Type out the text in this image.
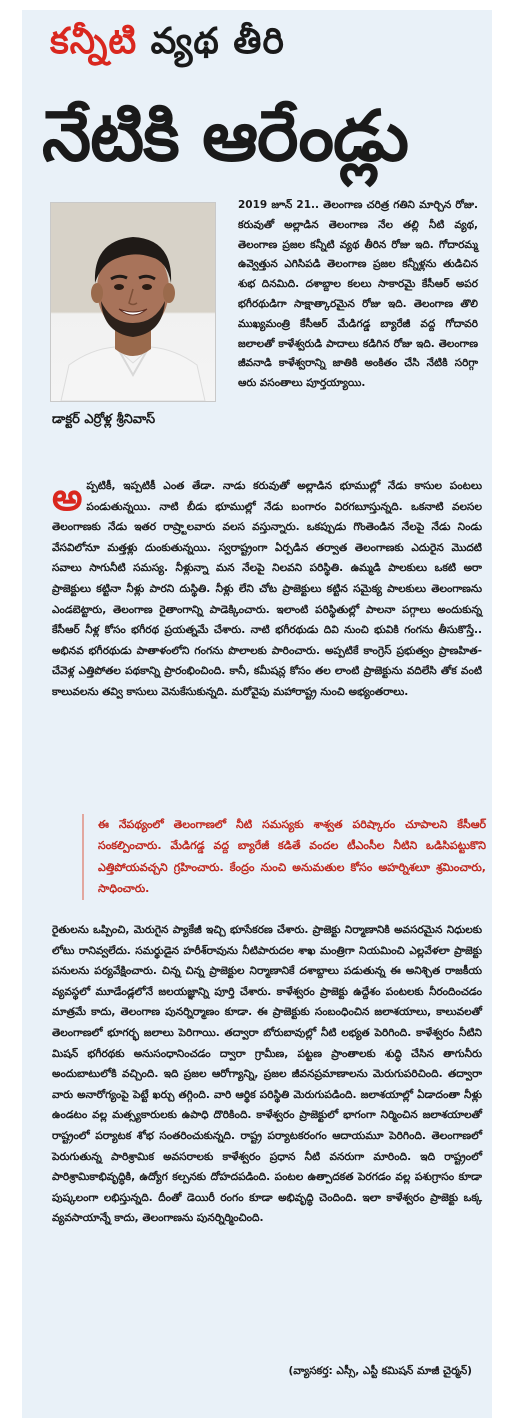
కన్నీటి వ్యథ తీరి
నేటికి ఆరేండ్లు
డాక్టర్ ఎర్రోళ్ల శ్రీనివాస్

2019 జూన్ 21.. తెలంగాణ చరిత్ర గతిని మార్చిన రోజు. కరువుతో అల్లాడిన తెలంగాణ నేల తల్లి నీటి వ్యథ, తెలంగాణ ప్రజల కన్నీటి వ్యథ తీరిన రోజు ఇది. గోదారమ్మ ఉవ్వెత్తున ఎగిసిపడి తెలంగాణ ప్రజల కన్నీళ్లను తుడిచిన శుభ దినమిది. దశాబ్దాల కలలు సాకారమై కేసీఆర్ అపర భగీరథుడిగా సాక్షాత్కారమైన రోజు ఇది. తెలంగాణ తొలి ముఖ్యమంత్రి కేసీఆర్ మేడిగడ్డ బ్యారేజీ వద్ద గోదావరి జలాలతో కాళేశ్వరుడి పాదాలు కడిగిన రోజు ఇది. తెలంగాణ జీవనాడి కాళేశ్వరాన్ని జాతికి అంకితం చేసి నేటికి సరిగ్గా ఆరు వసంతాలు పూర్తయ్యాయి.

అ ప్పటికీ, ఇప్పటికీ ఎంత తేడా. నాడు కరువుతో అల్లాడిన భూముల్లో నేడు కాసుల పంటలు పండుతున్నయి. నాటి బీడు భూముల్లో నేడు బంగారం విరగబూస్తున్నది. ఒకనాటి వలసల తెలంగాణకు నేడు ఇతర రాష్ర్టాలవారు వలస వస్తున్నారు. ఒకప్పుడు గొంతెండిన నేలపై నేడు నిండు వేసవిలోనూ మత్తళ్లు దుంకుతున్నయి. స్వరాష్ట్రంగా ఏర్పడిన తర్వాత తెలంగాణకు ఎదురైన మొదటి సవాలు సాగునీటి సమస్య. నీళ్లున్నా మన నేలపై నిలవని పరిస్థితి. ఉమ్మడి పాలకులు ఒకటి అరా ప్రాజెక్టులు కట్టినా నీళ్లు పారని దుస్థితి. నీళ్లు లేని చోట ప్రాజెక్టులు కట్టిన సమైక్య పాలకులు తెలంగాణను ఎండబెట్టారు, తెలంగాణ రైతాంగాన్ని పాడెక్కించారు. ఇలాంటి పరిస్థితుల్లో పాలనా పగ్గాలు అందుకున్న కేసీఆర్ నీళ్ల కోసం భగీరథ ప్రయత్నమే చేశారు. నాటి భగీరథుడు దివి నుంచి భువికి గంగను తీసుకొస్తే.. అభినవ భగీరథుడు పాతాళంలోని గంగను పొలాలకు పారించారు. అప్పటికే కాంగ్రెస్ ప్రభుత్వం ప్రాణహిత-చేవెళ్ల ఎత్తిపోతల పథకాన్ని ప్రారంభించింది. కానీ, కమీషన్ల కోసం తల లాంటి ప్రాజెక్టును వదిలేసి తోక వంటి కాలువలను తవ్వి కాసులు వెనుకేసుకున్నది. మరోవైపు మహారాష్ట్ర నుంచి అభ్యంతరాలు.

ఈ నేపథ్యంలో తెలంగాణలో నీటి సమస్యకు శాశ్వత పరిష్కారం చూపాలని కేసీఆర్ సంకల్పించారు. మేడిగడ్డ వద్ద బ్యారేజీ కడితే వందల టీఎంసీల నీటిని ఒడిసిపట్టుకొని ఎత్తిపోయవచ్చని గ్రహించారు. కేంద్రం నుంచి అనుమతుల కోసం అహర్నిశలూ శ్రమించారు, సాధించారు.

రైతులను ఒప్పించి, మెరుగైన ప్యాకేజీ ఇచ్చి భూసేకరణ చేశారు. ప్రాజెక్టు నిర్మాణానికి అవసరమైన నిధులకు లోటు రానివ్వలేదు. సమర్థుడైన హరీశ్‌రావును నీటిపారుదల శాఖ మంత్రిగా నియమించి ఎల్లవేళలా ప్రాజెక్టు పనులను పర్యవేక్షించారు. చిన్న చిన్న ప్రాజెక్టుల నిర్మాణానికే దశాబ్దాలు పడుతున్న ఈ అనిశ్చిత రాజకీయ వ్యవస్థలో మూడేండ్లలోనే జలయజ్ఞాన్ని పూర్తి చేశారు. కాళేశ్వరం ప్రాజెక్టు ఉద్దేశం పంటలకు నీరందించడం మాత్రమే కాదు, తెలంగాణ పునర్నిర్మాణం కూడా. ఈ ప్రాజెక్టుకు సంబంధించిన జలాశయాలు, కాలువలతో తెలంగాణలో భూగర్భ జలాలు పెరిగాయి. తద్వారా బోరుబావుల్లో నీటి లభ్యత పెరిగింది. కాళేశ్వరం నీటిని మిషన్ భగీరథకు అనుసంధానించడం ద్వారా గ్రామీణ, పట్టణ ప్రాంతాలకు శుద్ధి చేసిన తాగునీరు అందుబాటులోకి వచ్చింది. ఇది ప్రజల ఆరోగ్యాన్ని, ప్రజల జీవనప్రమాణాలను మెరుగుపరిచింది. తద్వారా వారు అనారోగ్యంపై పెట్టే ఖర్చు తగ్గింది. వారి ఆర్థిక పరిస్థితి మెరుగుపడింది. జలాశయాల్లో ఏడాదంతా నీళ్లు ఉండటం వల్ల మత్స్యకారులకు ఉపాధి దొరికింది. కాళేశ్వరం ప్రాజెక్టులో భాగంగా నిర్మించిన జలాశయాలతో రాష్ట్రంలో పర్యాటక శోభ సంతరించుకున్నది. రాష్ట్ర పర్యాటకరంగం ఆదాయమూ పెరిగింది. తెలంగాణలో పెరుగుతున్న పారిశ్రామిక అవసరాలకు కాళేశ్వరం ప్రధాన నీటి వనరుగా మారింది. ఇది రాష్ట్రంలో పారిశ్రామికాభివృద్ధికి, ఉద్యోగ కల్పనకు దోహదపడింది. పంటల ఉత్పాదకత పెరగడం వల్ల పశుగ్రాసం కూడా పుష్కలంగా లభిస్తున్నది. దీంతో డెయిరీ రంగం కూడా అభివృద్ధి చెందింది. ఇలా కాళేశ్వరం ప్రాజెక్టు ఒక్క వ్యవసాయాన్నే కాదు, తెలంగాణను పునర్నిర్మించింది.

(వ్యాసకర్త: ఎస్సీ, ఎస్టీ కమిషన్ మాజీ చైర్మన్)
